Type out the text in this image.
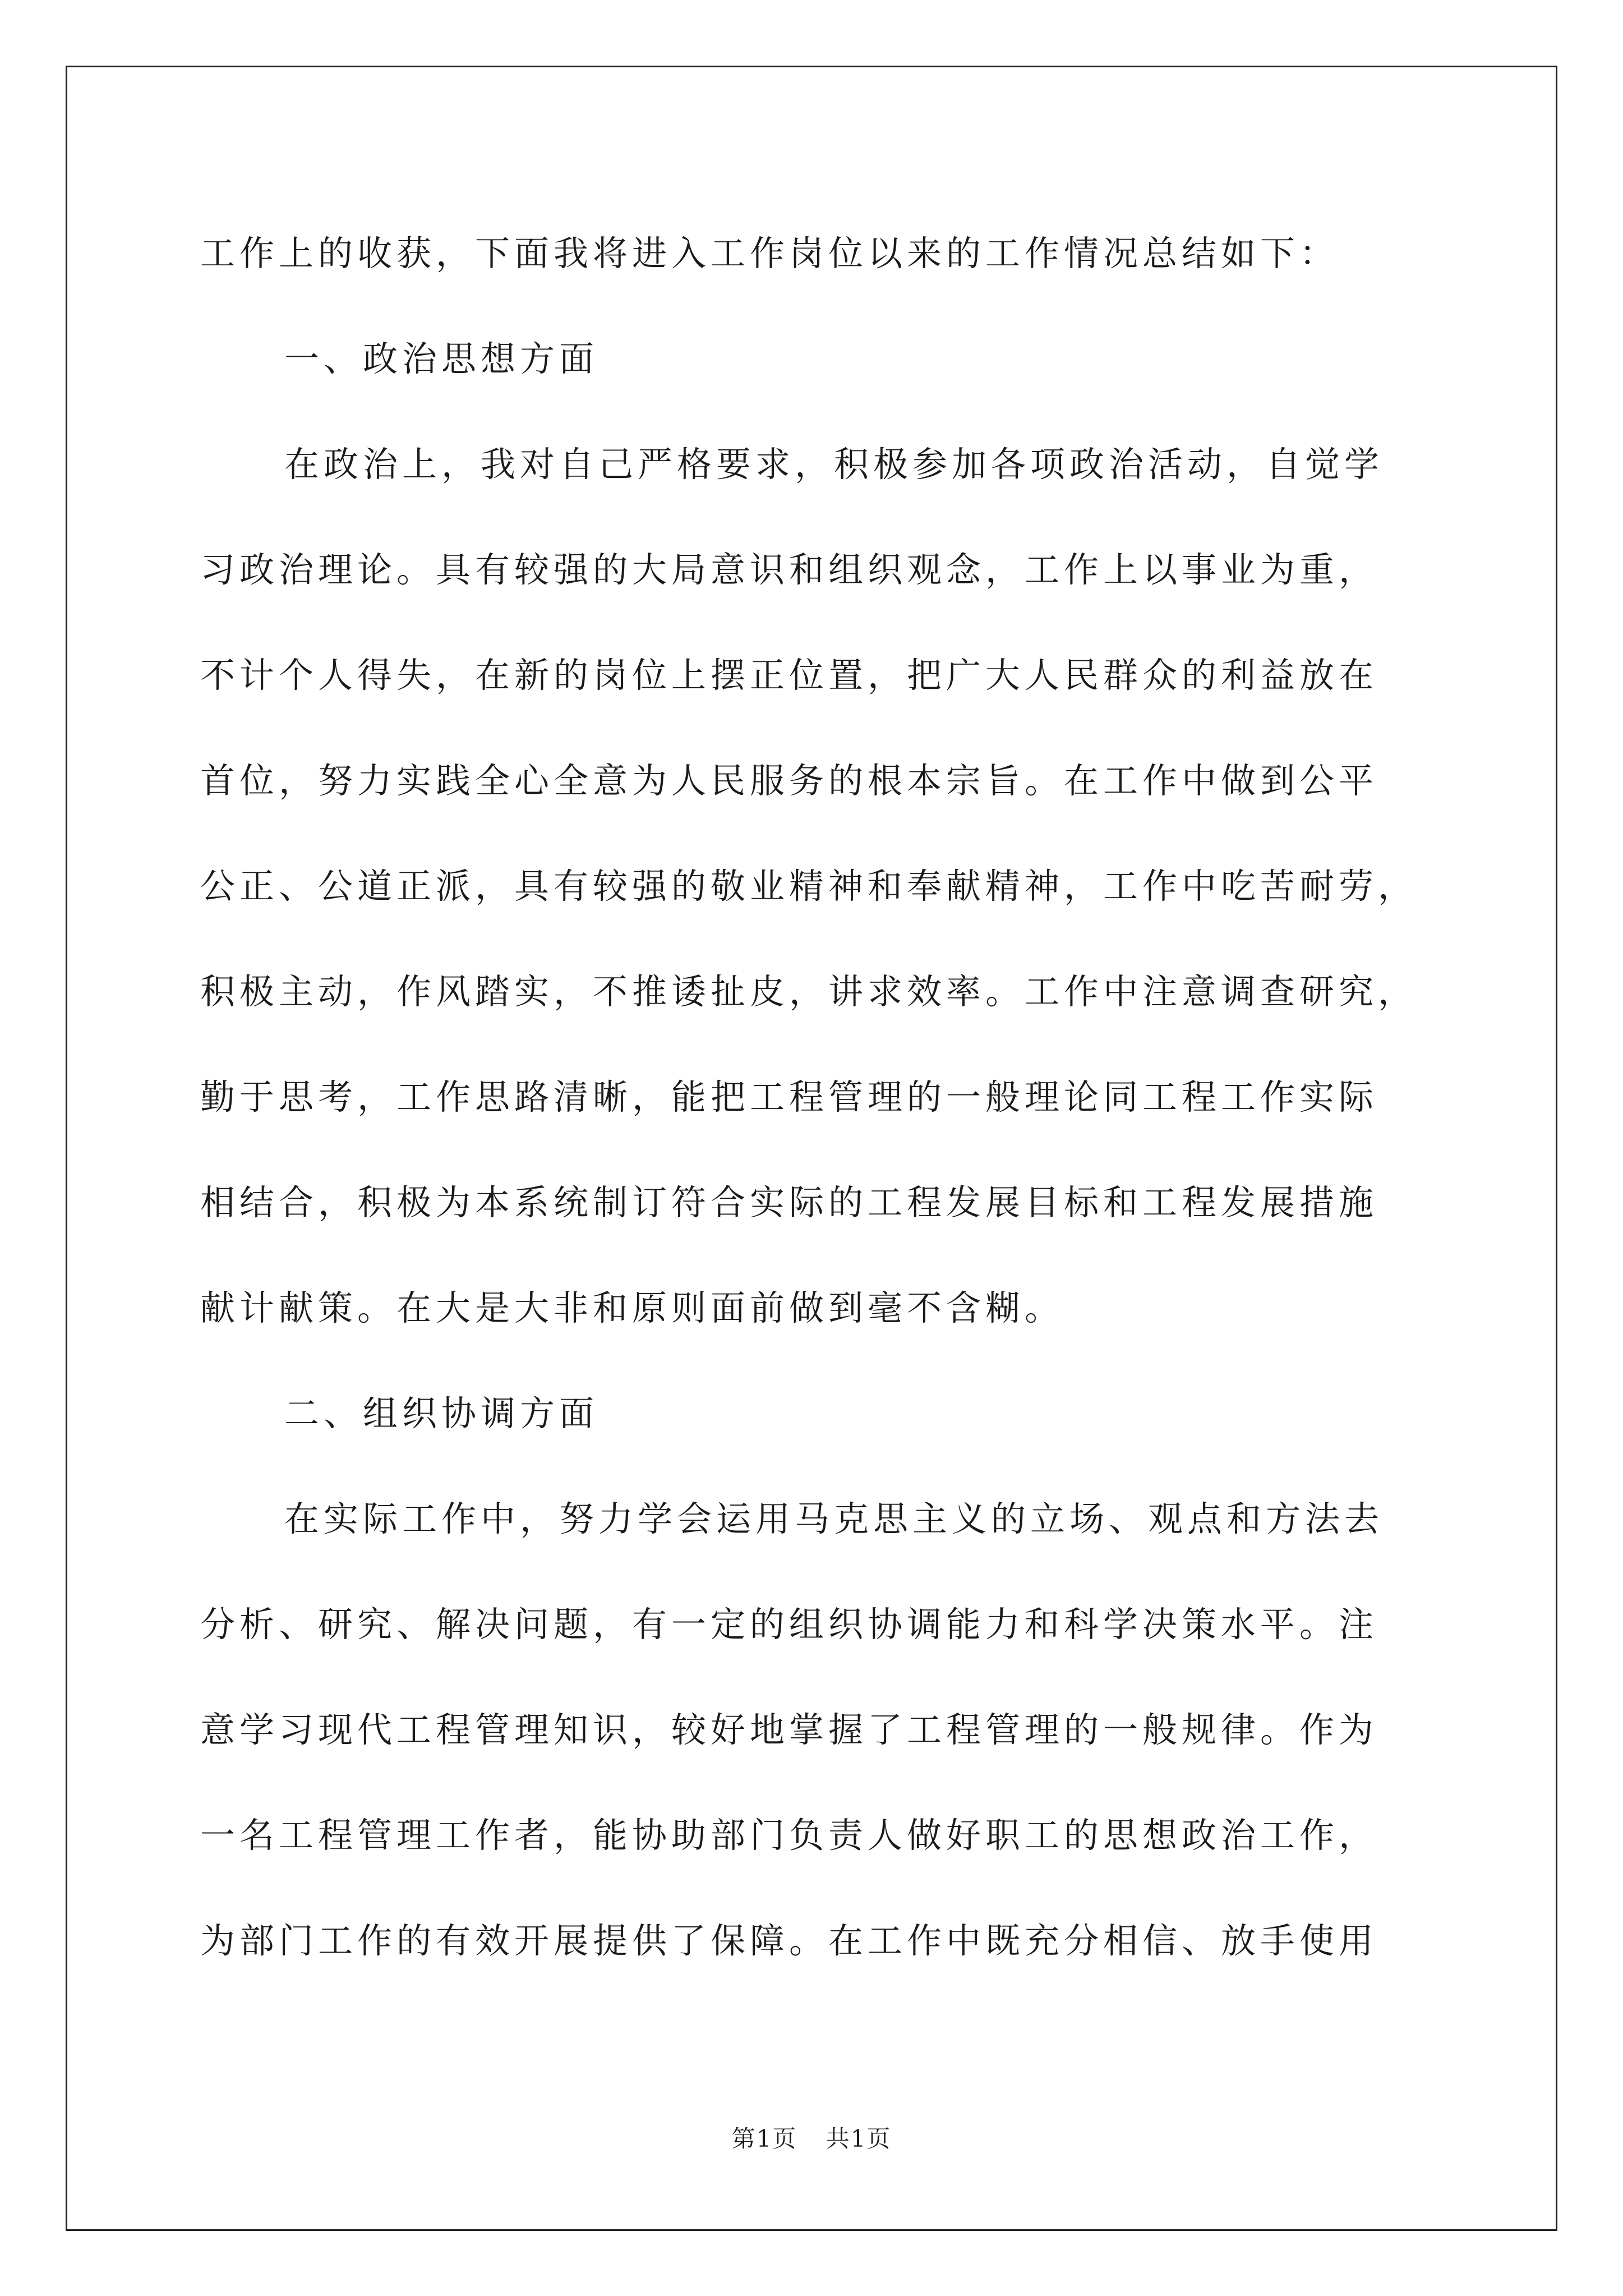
工作上的收获，下面我将进入工作岗位以来的工作情况总结如下：
一、政治思想方面
在政治上，我对自己严格要求，积极参加各项政治活动，自觉学
习政治理论。具有较强的大局意识和组织观念，工作上以事业为重，
不计个人得失，在新的岗位上摆正位置，把广大人民群众的利益放在
首位，努力实践全心全意为人民服务的根本宗旨。在工作中做到公平
公正、公道正派，具有较强的敬业精神和奉献精神，工作中吃苦耐劳，
积极主动，作风踏实，不推诿扯皮，讲求效率。工作中注意调查研究，
勤于思考，工作思路清晰，能把工程管理的一般理论同工程工作实际
相结合，积极为本系统制订符合实际的工程发展目标和工程发展措施
献计献策。在大是大非和原则面前做到毫不含糊。
二、组织协调方面
在实际工作中，努力学会运用马克思主义的立场、观点和方法去
分析、研究、解决问题，有一定的组织协调能力和科学决策水平。注
意学习现代工程管理知识，较好地掌握了工程管理的一般规律。作为
一名工程管理工作者，能协助部门负责人做好职工的思想政治工作，
为部门工作的有效开展提供了保障。在工作中既充分相信、放手使用
第1页 共1页
